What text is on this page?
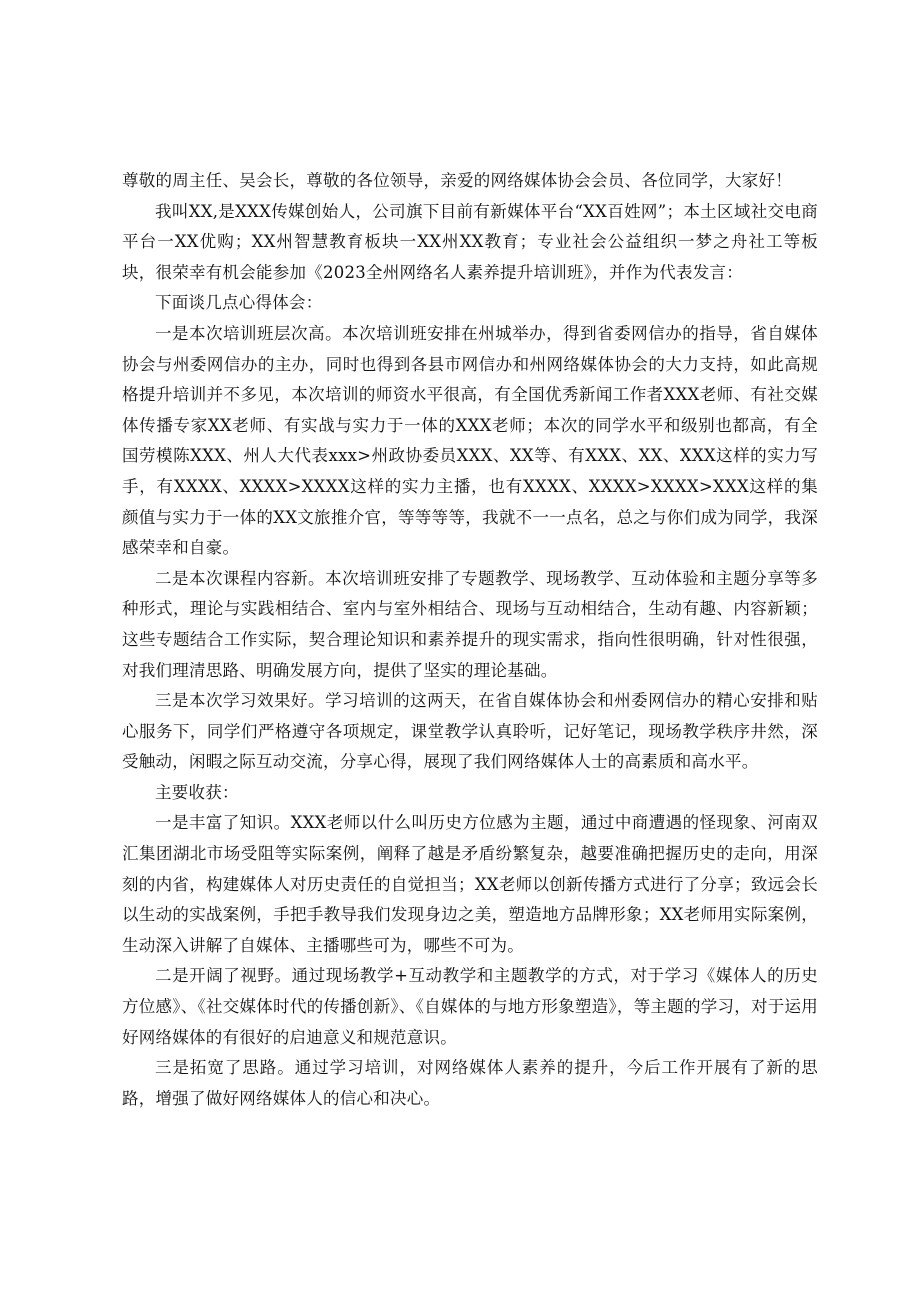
尊敬的周主任、吴会长，尊敬的各位领导，亲爱的网络媒体协会会员、各位同学，大家好！

我叫XX,是XXX传媒创始人，公司旗下目前有新媒体平台“XX百姓网”；本土区域社交电商平台一XX优购；XX州智慧教育板块一XX州XX教育；专业社会公益组织一梦之舟社工等板块，很荣幸有机会能参加《2023全州网络名人素养提升培训班》，并作为代表发言：

下面谈几点心得体会：

一是本次培训班层次高。本次培训班安排在州城举办，得到省委网信办的指导，省自媒体协会与州委网信办的主办，同时也得到各县市网信办和州网络媒体协会的大力支持，如此高规格提升培训并不多见，本次培训的师资水平很高，有全国优秀新闻工作者XXX老师、有社交媒体传播专家XX老师、有实战与实力于一体的XXX老师；本次的同学水平和级别也都高，有全国劳模陈XXX、州人大代表xxx>州政协委员XXX、XX等、有XXX、XX、XXX这样的实力写手，有XXXX、XXXX>XXXX这样的实力主播，也有XXXX、XXXX>XXXX>XXX这样的集颜值与实力于一体的XX文旅推介官，等等等等，我就不一一点名，总之与你们成为同学，我深感荣幸和自豪。

二是本次课程内容新。本次培训班安排了专题教学、现场教学、互动体验和主题分享等多种形式，理论与实践相结合、室内与室外相结合、现场与互动相结合，生动有趣、内容新颖；这些专题结合工作实际，契合理论知识和素养提升的现实需求，指向性很明确，针对性很强，对我们理清思路、明确发展方向，提供了坚实的理论基础。

三是本次学习效果好。学习培训的这两天，在省自媒体协会和州委网信办的精心安排和贴心服务下，同学们严格遵守各项规定，课堂教学认真聆听，记好笔记，现场教学秩序井然，深受触动，闲暇之际互动交流，分享心得，展现了我们网络媒体人士的高素质和高水平。

主要收获：

一是丰富了知识。XXX老师以什么叫历史方位感为主题，通过中商遭遇的怪现象、河南双汇集团湖北市场受阻等实际案例，阐释了越是矛盾纷繁复杂，越要准确把握历史的走向，用深刻的内省，构建媒体人对历史责任的自觉担当；XX老师以创新传播方式进行了分享；致远会长以生动的实战案例，手把手教导我们发现身边之美，塑造地方品牌形象；XX老师用实际案例，生动深入讲解了自媒体、主播哪些可为，哪些不可为。

二是开阔了视野。通过现场教学+互动教学和主题教学的方式，对于学习《媒体人的历史方位感》、《社交媒体时代的传播创新》、《自媒体的与地方形象塑造》，等主题的学习，对于运用好网络媒体的有很好的启迪意义和规范意识。

三是拓宽了思路。通过学习培训，对网络媒体人素养的提升，今后工作开展有了新的思路，增强了做好网络媒体人的信心和决心。
